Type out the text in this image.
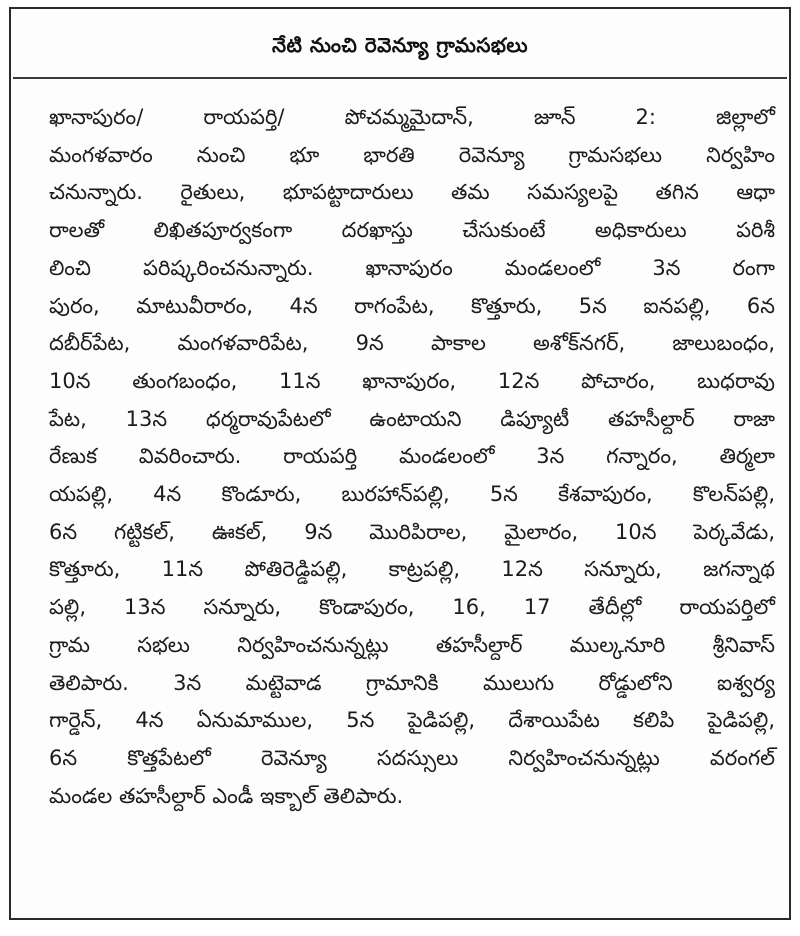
నేటి నుంచి రెవెన్యూ గ్రామసభలు
ఖానాపురం/ రాయపర్తి/ పోచమ్మమైదాన్, జూన్ 2: జిల్లాలో
మంగళవారం నుంచి భూ భారతి రెవెన్యూ గ్రామసభలు నిర్వహిం
చనున్నారు. రైతులు, భూపట్టాదారులు తమ సమస్యలపై తగిన ఆధా
రాలతో లిఖితపూర్వకంగా దరఖాస్తు చేసుకుంటే అధికారులు పరిశీ
లించి పరిష్కరించనున్నారు. ఖానాపురం మండలంలో 3న రంగా
పురం, మాటువీరారం, 4న రాగంపేట, కొత్తూరు, 5న ఐనపల్లి, 6న
దబీర్‌పేట, మంగళవారిపేట, 9న పాకాల అశోక్‌నగర్, జాలుబంధం,
10న తుంగబంధం, 11న ఖానాపురం, 12న పోచారం, బుధరావు
పేట, 13న ధర్మరావుపేటలో ఉంటాయని డిప్యూటీ తహసీల్దార్ రాజా
రేణుక వివరించారు. రాయపర్తి మండలంలో 3న గన్నారం, తిర్మలా
యపల్లి, 4న కొండూరు, బురహాన్‌పల్లి, 5న కేశవాపురం, కొలన్‌పల్లి,
6న గట్టికల్, ఊకల్, 9న మొరిపిరాల, మైలారం, 10న పెర్కవేడు,
కొత్తూరు, 11న పోతిరెడ్డిపల్లి, కాట్రపల్లి, 12న సన్నూరు, జగన్నాథ
పల్లి, 13న సన్నూరు, కొండాపురం, 16, 17 తేదీల్లో రాయపర్తిలో
గ్రామ సభలు నిర్వహించనున్నట్లు తహసీల్దార్ ముల్కనూరి శ్రీనివాస్
తెలిపారు. 3న మట్టెవాడ గ్రామానికి ములుగు రోడ్డులోని ఐశ్వర్య
గార్డెన్, 4న ఏనుమాముల, 5న పైడిపల్లి, దేశాయిపేట కలిపి పైడిపల్లి,
6న కొత్తపేటలో రెవెన్యూ సదస్సులు నిర్వహించనున్నట్లు వరంగల్
మండల తహసీల్దార్ ఎండీ ఇక్బాల్ తెలిపారు.
